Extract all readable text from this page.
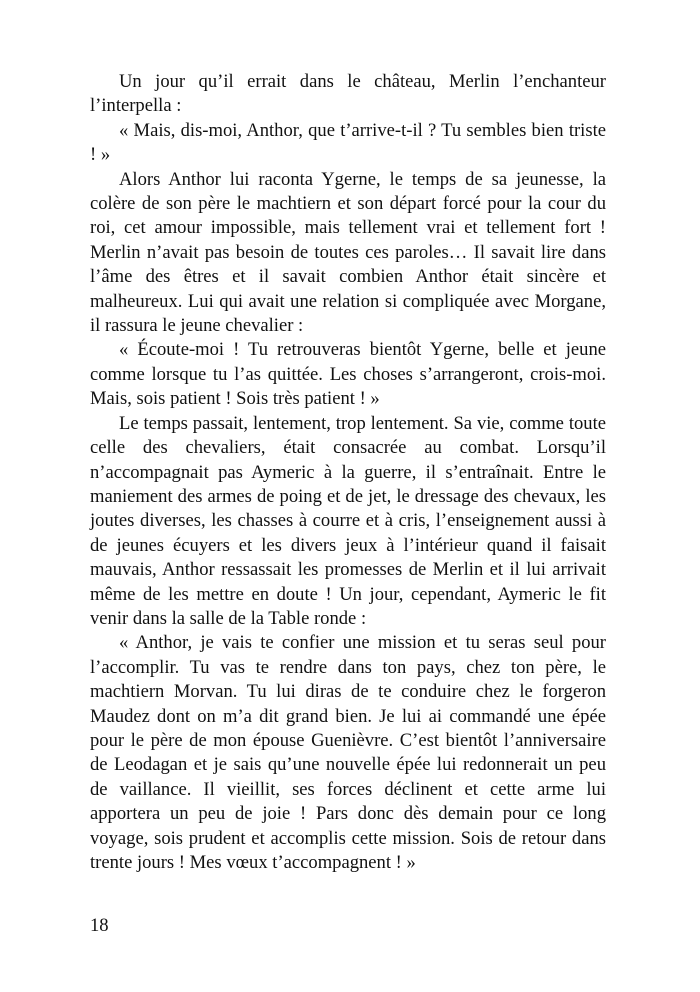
Un jour qu’il errait dans le château, Merlin l’enchanteur l’interpella :

« Mais, dis-moi, Anthor, que t’arrive-t-il ? Tu sembles bien triste ! »

Alors Anthor lui raconta Ygerne, le temps de sa jeunesse, la colère de son père le machtiern et son départ forcé pour la cour du roi, cet amour impossible, mais tellement vrai et tellement fort ! Merlin n’avait pas besoin de toutes ces paroles… Il savait lire dans l’âme des êtres et il savait combien Anthor était sincère et malheureux. Lui qui avait une relation si compliquée avec Morgane, il rassura le jeune chevalier :

« Écoute-moi ! Tu retrouveras bientôt Ygerne, belle et jeune comme lorsque tu l’as quittée. Les choses s’arrangeront, crois-moi. Mais, sois patient ! Sois très patient ! »

Le temps passait, lentement, trop lentement. Sa vie, comme toute celle des chevaliers, était consacrée au combat. Lorsqu’il n’accompagnait pas Aymeric à la guerre, il s’entraînait. Entre le maniement des armes de poing et de jet, le dressage des chevaux, les joutes diverses, les chasses à courre et à cris, l’enseignement aussi à de jeunes écuyers et les divers jeux à l’intérieur quand il faisait mauvais, Anthor ressassait les promesses de Merlin et il lui arrivait même de les mettre en doute ! Un jour, cependant, Aymeric le fit venir dans la salle de la Table ronde :

« Anthor, je vais te confier une mission et tu seras seul pour l’accomplir. Tu vas te rendre dans ton pays, chez ton père, le machtiern Morvan. Tu lui diras de te conduire chez le forgeron Maudez dont on m’a dit grand bien. Je lui ai commandé une épée pour le père de mon épouse Guenièvre. C’est bientôt l’anniversaire de Leodagan et je sais qu’une nouvelle épée lui redonnerait un peu de vaillance. Il vieillit, ses forces déclinent et cette arme lui apportera un peu de joie ! Pars donc dès demain pour ce long voyage, sois prudent et accomplis cette mission. Sois de retour dans trente jours ! Mes vœux t’accompagnent ! »

18
